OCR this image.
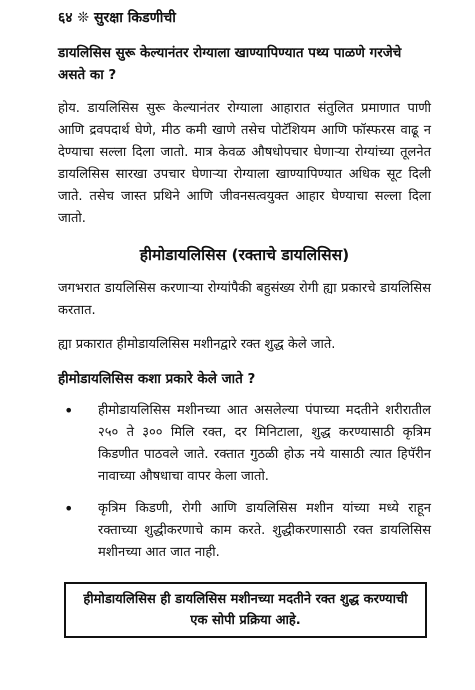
६४ ❊ सुरक्षा किडणीची
डायलिसिस सुरू केल्यानंतर रोग्याला खाण्यापिण्यात पथ्य पाळणे गरजेचे असते का ?

होय. डायलिसिस सुरू केल्यानंतर रोग्याला आहारात संतुलित प्रमाणात पाणी आणि द्रवपदार्थ घेणे, मीठ कमी खाणे तसेच पोटॅशियम आणि फॉस्फरस वाढू न देण्याचा सल्ला दिला जातो. मात्र केवळ औषधोपचार घेणाऱ्या रोग्यांच्या तूलनेत डायलिसिस सारखा उपचार घेणाऱ्या रोग्याला खाण्यापिण्यात अधिक सूट दिली जाते. तसेच जास्त प्रथिने आणि जीवनसत्वयुक्त आहार घेण्याचा सल्ला दिला जातो.

हीमोडायलिसिस (रक्ताचे डायलिसिस)

जगभरात डायलिसिस करणाऱ्या रोग्यांपैकी बहुसंख्य रोगी ह्या प्रकारचे डायलिसिस करतात.

ह्या प्रकारात हीमोडायलिसिस मशीनद्वारे रक्त शुद्ध केले जाते.

हीमोडायलिसिस कशा प्रकारे केले जाते ?
• हीमोडायलिसिस मशीनच्या आत असलेल्या पंपाच्या मदतीने शरीरातील २५० ते ३०० मिलि रक्त, दर मिनिटाला, शुद्ध करण्यासाठी कृत्रिम किडणीत पाठवले जाते. रक्तात गुठळी होऊ नये यासाठी त्यात हिपॅरीन नावाच्या औषधाचा वापर केला जातो.
• कृत्रिम किडणी, रोगी आणि डायलिसिस मशीन यांच्या मध्ये राहून रक्ताच्या शुद्धीकरणाचे काम करते. शुद्धीकरणासाठी रक्त डायलिसिस मशीनच्या आत जात नाही.
हीमोडायलिसिस ही डायलिसिस मशीनच्या मदतीने रक्त शुद्ध करण्याची एक सोपी प्रक्रिया आहे.
